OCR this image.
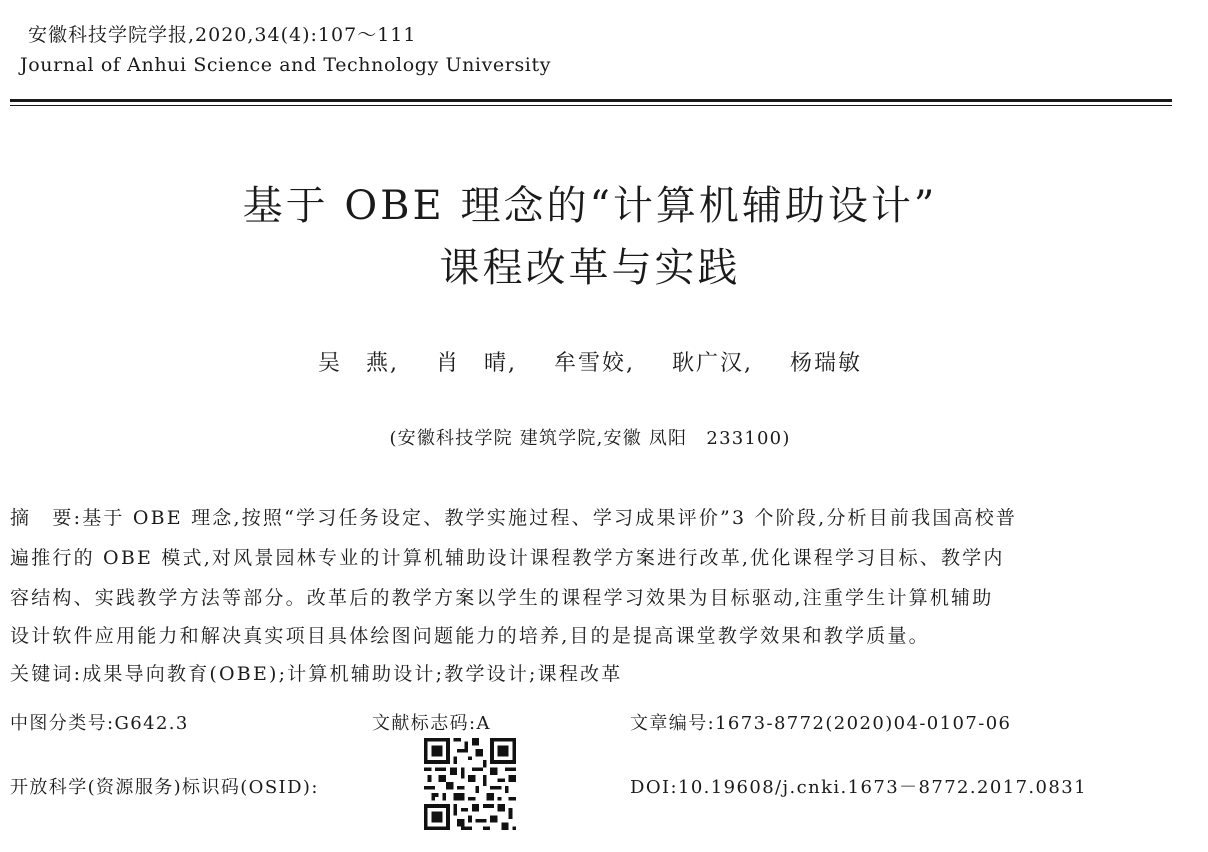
安徽科技学院学报,2020,34(4):107～111
Journal of Anhui Science and Technology University
基于 OBE 理念的“计算机辅助设计”
课程改革与实践
吴　燕, 肖　晴, 牟雪姣, 耿广汉, 杨瑞敏
(安徽科技学院 建筑学院,安徽 凤阳　233100)
摘　要:基于 OBE 理念,按照“学习任务设定、教学实施过程、学习成果评价”3 个阶段,分析目前我国高校普
遍推行的 OBE 模式,对风景园林专业的计算机辅助设计课程教学方案进行改革,优化课程学习目标、教学内
容结构、实践教学方法等部分。改革后的教学方案以学生的课程学习效果为目标驱动,注重学生计算机辅助
设计软件应用能力和解决真实项目具体绘图问题能力的培养,目的是提高课堂教学效果和教学质量。
关键词:成果导向教育(OBE);计算机辅助设计;教学设计;课程改革
中图分类号:G642.3	文献标志码:A	文章编号:1673-8772(2020)04-0107-06
开放科学(资源服务)标识码(OSID):	DOI:10.19608/j.cnki.1673－8772.2017.0831
